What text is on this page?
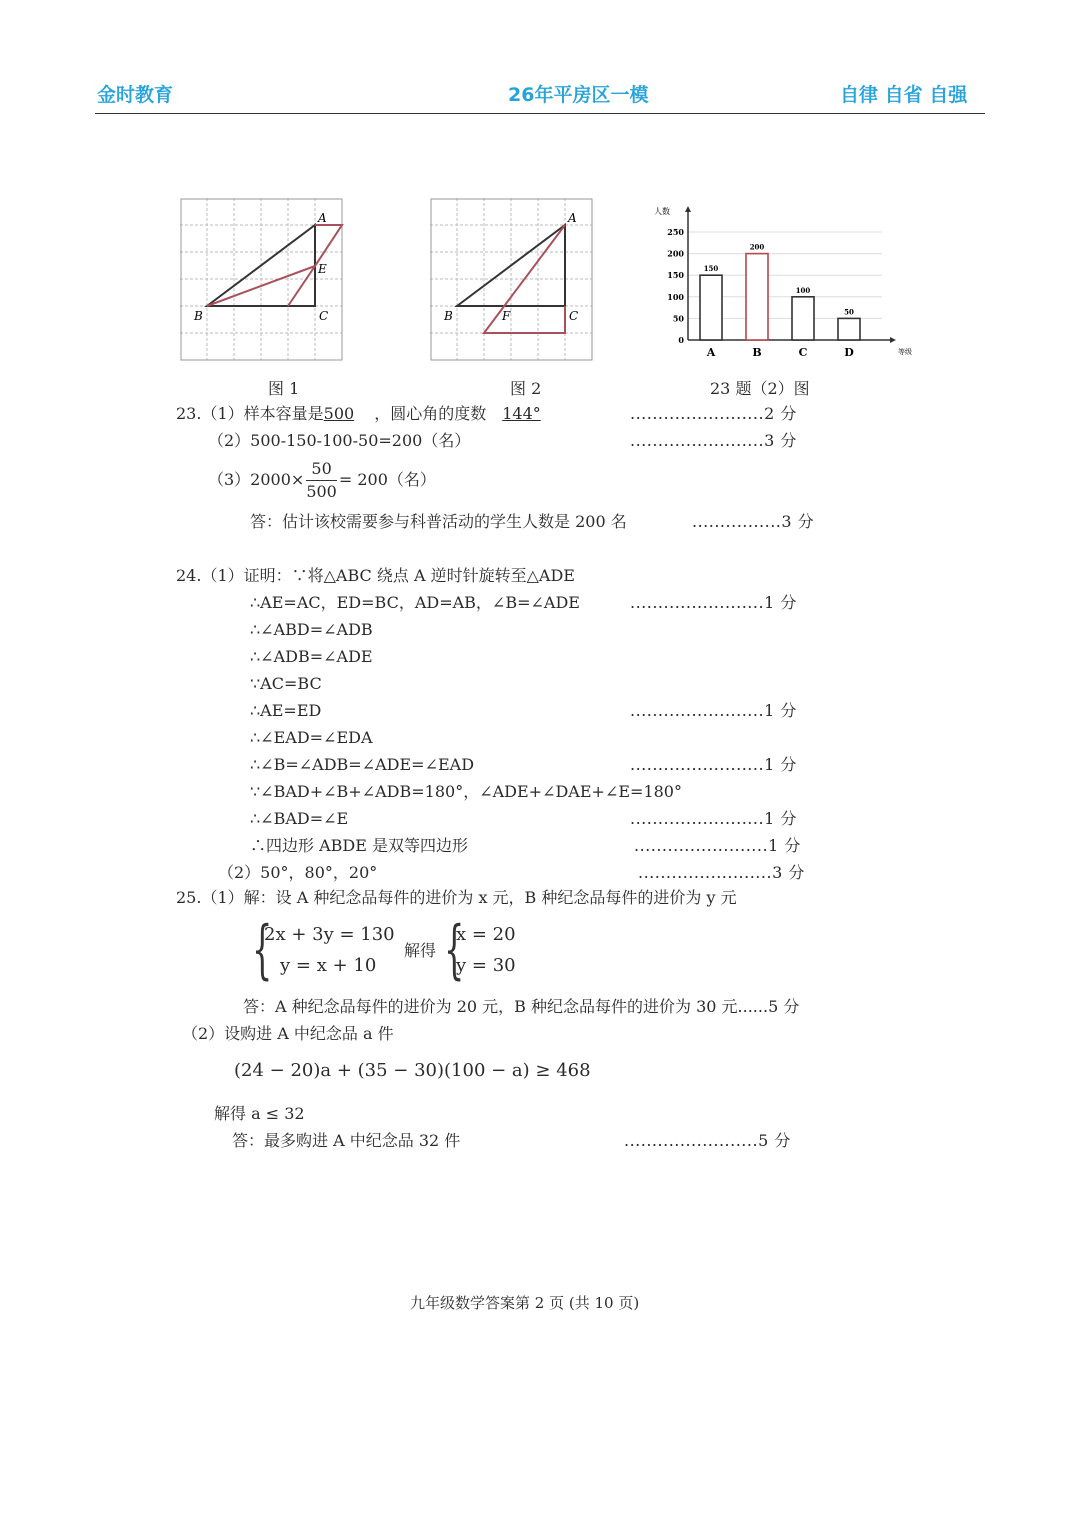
金时教育	26年平房区一模	自律 自省 自强
A
B	C
E
图 1
A
B	C
F
图 2
0
50
100
150
200
250
人数
等级
150
A
200
B
100
C
50
D
23 题（2）图
23.（1）样本容量是500 ，圆心角的度数 144°	........................2 分
（2）500-150-100-50=200（名）	........................3 分
$(3)2000\times \frac{50}{500} = 200$（名）
答：估计该校需要参与科普活动的学生人数是 200 名	................3 分
24.（1）证明：∵将△ABC 绕点 A 逆时针旋转至△ADE
∴AE=AC，ED=BC，AD=AB，∠B=∠ADE	........................1 分
∴∠ABD=∠ADB
∴∠ADB=∠ADE
∵AC=BC
∴AE=ED	........................1 分
∴∠EAD=∠EDA
∴∠B=∠ADB=∠ADE=∠EAD	........................1 分
∵∠BAD+∠B+∠ADB=180°，∠ADE+∠DAE+∠E=180°
∴∠BAD=∠E	........................1 分
∴四边形 ABDE 是双等四边形	........................1 分
（2）50°，80°，20°	........................3 分
25.（1）解：设 A 种纪念品每件的进价为 x 元，B 种纪念品每件的进价为 y 元
{
2x + 3y = 130
y = x + 10
解得 {
x = 20
y = 30
答：A 种纪念品每件的进价为 20 元，B 种纪念品每件的进价为 30 元......5 分
（2）设购进 A 中纪念品 a 件
(24 − 20)a + (35 − 30)(100 − a) ≥ 468
解得 a ≤ 32
答：最多购进 A 中纪念品 32 件	........................5 分
九年级数学答案第 2 页 (共 10 页)
